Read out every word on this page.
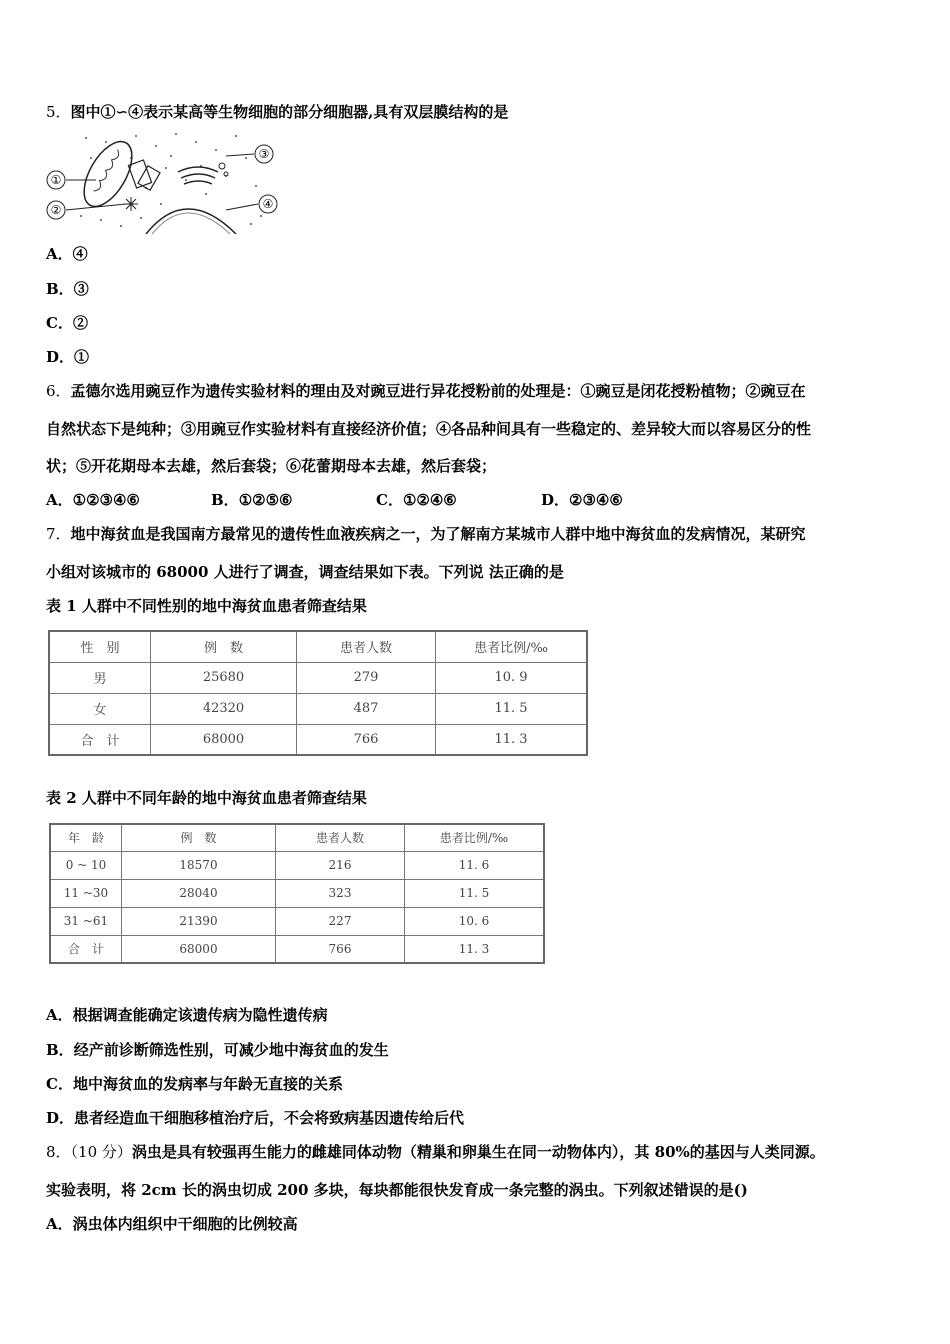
5．图中①∽④表示某高等生物细胞的部分细胞器,具有双层膜结构的是
①
②
③
④
A．④
B．③
C．②
D．①
6．孟德尔选用豌豆作为遗传实验材料的理由及对豌豆进行异花授粉前的处理是：①豌豆是闭花授粉植物；②豌豆在
自然状态下是纯种；③用豌豆作实验材料有直接经济价值；④各品种间具有一些稳定的、差异较大而以容易区分的性
状；⑤开花期母本去雄，然后套袋；⑥花蕾期母本去雄，然后套袋；
A．①②③④⑥	B．①②⑤⑥	C．①②④⑥	D．②③④⑥
7．地中海贫血是我国南方最常见的遗传性血液疾病之一，为了解南方某城市人群中地中海贫血的发病情况，某研究
小组对该城市的 68000 人进行了调查，调查结果如下表。下列说 法正确的是
表 1 人群中不同性别的地中海贫血患者筛查结果
性　别	例　数	患者人数	患者比例/‰
男	25680	279	10. 9
女	42320	487	11. 5
合　计	68000	766	11. 3
表 2 人群中不同年龄的地中海贫血患者筛查结果
年　龄	例　数	患者人数	患者比例/‰
0 ~ 10	18570	216	11. 6
11 ~30	28040	323	11. 5
31 ~61	21390	227	10. 6
合　计	68000	766	11. 3
A．根据调查能确定该遗传病为隐性遗传病
B．经产前诊断筛选性别，可减少地中海贫血的发生
C．地中海贫血的发病率与年龄无直接的关系
D．患者经造血干细胞移植治疗后，不会将致病基因遗传给后代
8．（10 分）涡虫是具有较强再生能力的雌雄同体动物（精巢和卵巢生在同一动物体内），其 80%的基因与人类同源。
实验表明，将 2cm 长的涡虫切成 200 多块，每块都能很快发育成一条完整的涡虫。下列叙述错误的是()
A．涡虫体内组织中干细胞的比例较高
